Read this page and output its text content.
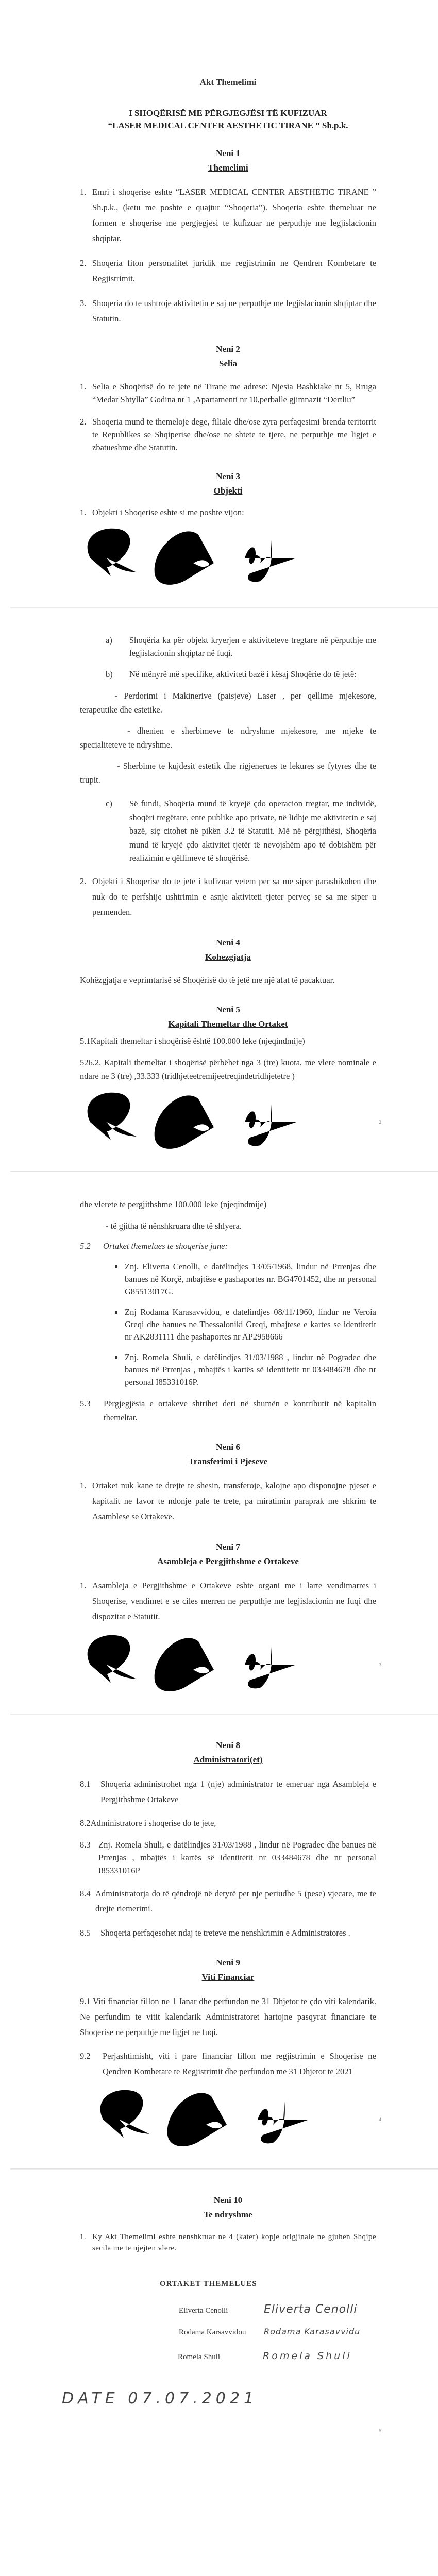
Akt Themelimi
I SHOQËRISË ME PËRGJEGJËSI TË KUFIZUAR
“LASER MEDICAL CENTER AESTHETIC TIRANE ” Sh.p.k.
Neni 1
Themelimi
1. Emri i shoqerise eshte “LASER MEDICAL CENTER AESTHETIC TIRANE ” Sh.p.k., (ketu me poshte e quajtur “Shoqeria”). Shoqeria eshte themeluar ne formen e shoqerise me pergjegjesi te kufizuar ne perputhje me legjislacionin shqiptar.
2. Shoqeria fiton personalitet juridik me regjistrimin ne Qendren Kombetare te Regjistrimit.
3. Shoqeria do te ushtroje aktivitetin e saj ne perputhje me legjislacionin shqiptar dhe Statutin.
Neni 2
Selia
1. Selia e Shoqërisë do te jete në Tirane me adrese: Njesia Bashkiake nr 5, Rruga “Medar Shtylla” Godina nr 1 ,Apartamenti nr 10,perballe gjimnazit “Dertliu”
2. Shoqeria mund te themeloje dege, filiale dhe/ose zyra perfaqesimi brenda teritorrit te Republikes se Shqiperise dhe/ose ne shtete te tjere, ne perputhje me ligjet e zbatueshme dhe Statutin.
Neni 3
Objekti
1. Objekti i Shoqerise eshte si me poshte vijon:
a)	Shoqëria ka për objekt kryerjen e aktiviteteve tregtare në përputhje me legjislacionin shqiptar në fuqi.
b)	Në mënyrë më specifike, aktiviteti bazë i kësaj Shoqërie do të jetë:
- Perdorimi i Makinerive (paisjeve) Laser , per qellime mjekesore, terapeutike dhe estetike.
- dhenien e sherbimeve te ndryshme mjekesore, me mjeke te specialiteteve te ndryshme.
- Sherbime te kujdesit estetik dhe rigjenerues te lekures se fytyres dhe te trupit.
c)	Së fundi, Shoqëria mund të kryejë çdo operacion tregtar, me individë, shoqëri tregëtare, ente publike apo private, në lidhje me aktivitetin e saj bazë, siç citohet në pikën 3.2 të Statutit. Më në përgjithësi, Shoqëria mund të kryejë çdo aktivitet tjetër të nevojshëm apo të dobishëm për realizimin e qëllimeve të shoqërisë.
2. Objekti i Shoqerise do te jete i kufizuar vetem per sa me siper parashikohen dhe nuk do te perfshije ushtrimin e asnje aktiviteti tjeter perveç se sa me siper u permenden.
Neni 4
Kohezgjatja
Kohëzgjatja e veprimtarisë së Shoqërisë do të jetë me një afat të pacaktuar.
Neni 5
Kapitali Themeltar dhe Ortaket
5.1Kapitali themeltar i shoqërisë është 100.000 leke (njeqindmije)
526.2. Kapitali themeltar i shoqërisë përbëhet nga 3 (tre) kuota, me vlere nominale e ndare ne 3 (tre) ,33.333 (tridhjeteetremijeetreqindetridhjetetre )
2
dhe vlerete te pergjithshme 100.000 leke (njeqindmije)
- të gjitha të nënshkruara dhe të shlyera.
5.2	Ortaket themelues te shoqerise jane:
Znj. Eliverta Cenolli, e datëlindjes 13/05/1968, lindur në Prrenjas dhe banues në Korçë, mbajtëse e pashaportes nr. BG4701452, dhe nr personal G85513017G.
Znj Rodama Karasavvidou, e datelindjes 08/11/1960, lindur ne Veroia Greqi dhe banues ne Thessaloniki Greqi, mbajtese e kartes se identitetit nr AK2831111 dhe pashaportes nr AP2958666
Znj. Romela Shuli, e datëlindjes 31/03/1988 , lindur në Pogradec dhe banues në Prrenjas , mbajtës i kartës së identitetit nr 033484678 dhe nr personal I85331016P.
5.3	Përgjegjësia e ortakeve shtrihet deri në shumën e kontributit në kapitalin themeltar.
Neni 6
Transferimi i Pjeseve
1. Ortaket nuk kane te drejte te shesin, transferoje, kalojne apo disponojne pjeset e kapitalit ne favor te ndonje pale te trete, pa miratimin paraprak me shkrim te Asamblese se Ortakeve.
Neni 7
Asambleja e Pergjithshme e Ortakeve
1. Asambleja e Pergjithshme e Ortakeve eshte organi me i larte vendimarres i Shoqerise, vendimet e se ciles merren ne perputhje me legjislacionin ne fuqi dhe dispozitat e Statutit.
3
Neni 8
Administratori(et)
8.1	Shoqeria administrohet nga 1 (nje) administrator te emeruar nga Asambleja e Pergjithshme Ortakeve
8.2Administratore i shoqerise do te jete,
8.3 Znj. Romela Shuli, e datëlindjes 31/03/1988 , lindur në Pogradec dhe banues në Prrenjas , mbajtës i kartës së identitetit nr 033484678 dhe nr personal I85331016P
8.4 Administratorja do të qëndrojë në detyrë per nje periudhe 5 (pese) vjecare, me te drejte riemerimi.
8.5	Shoqeria perfaqesohet ndaj te treteve me nenshkrimin e Administratores .
Neni 9
Viti Financiar
9.1 Viti financiar fillon ne 1 Janar dhe perfundon ne 31 Dhjetor te çdo viti kalendarik. Ne perfundim te vitit kalendarik Administratoret hartojne pasqyrat financiare te Shoqerise ne perputhje me ligjet ne fuqi.
9.2	Perjashtimisht, viti i pare financiar fillon me regjistrimin e Shoqerise ne Qendren Kombetare te Regjistrimit dhe perfundon me 31 Dhjetor te 2021
4
Neni 10
Te ndryshme
1. Ky Akt Themelimi eshte nenshkruar ne 4 (kater) kopje origjinale ne gjuhen Shqipe secila me te njejten vlere.
ORTAKET THEMELUES
Eliverta Cenolli	Eliverta Cenolli
Rodama Karsavvidou	Rodama Karasavvidu
Romela Shuli	Romela Shuli
DATE 07.07.2021
5
